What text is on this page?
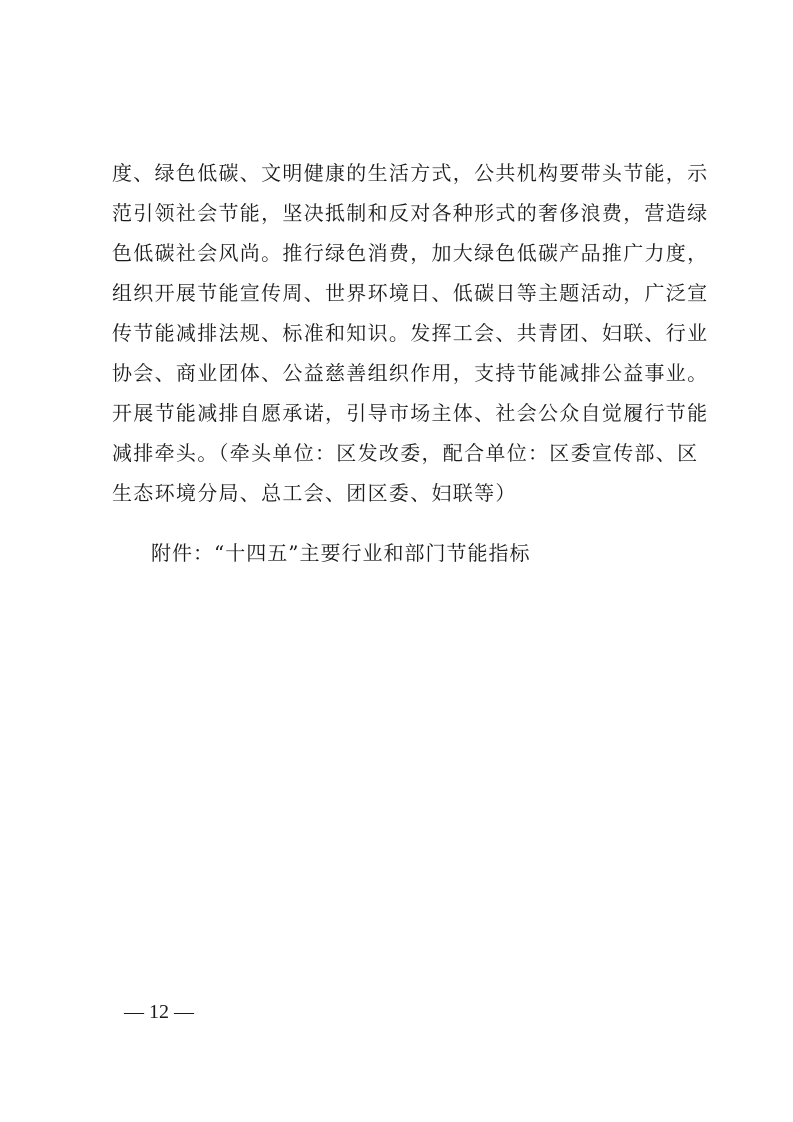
度、绿色低碳、文明健康的生活方式，公共机构要带头节能，示
范引领社会节能，坚决抵制和反对各种形式的奢侈浪费，营造绿
色低碳社会风尚。推行绿色消费，加大绿色低碳产品推广力度，
组织开展节能宣传周、世界环境日、低碳日等主题活动，广泛宣
传节能减排法规、标准和知识。发挥工会、共青团、妇联、行业
协会、商业团体、公益慈善组织作用，支持节能减排公益事业。
开展节能减排自愿承诺，引导市场主体、社会公众自觉履行节能
减排牵头。（牵头单位：区发改委，配合单位：区委宣传部、区
生态环境分局、总工会、团区委、妇联等）

附件：“十四五”主要行业和部门节能指标

— 12 —
